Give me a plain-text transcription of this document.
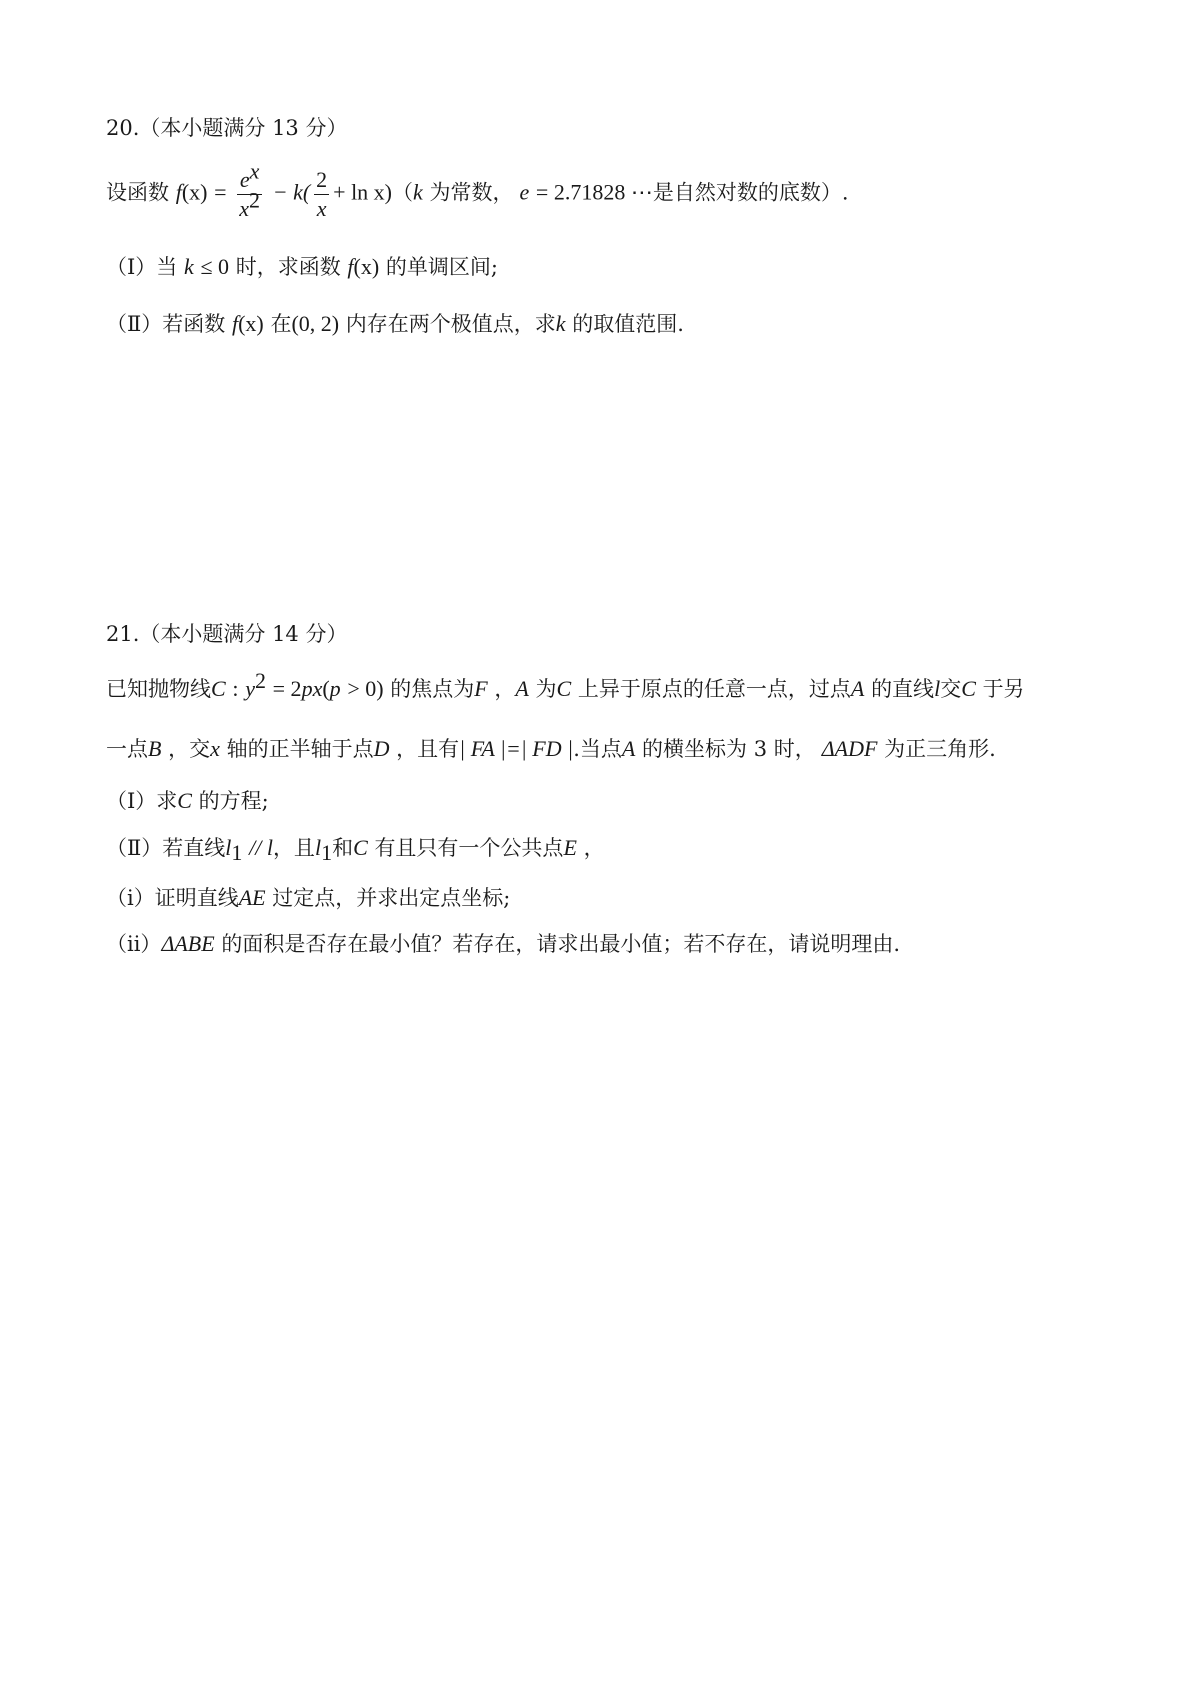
20.（本小题满分 13 分）
设函数 $f(x) = \frac{e^x}{x^2} - k( \frac{2}{x} + \ln x)(k$ 为常数， e = 2.71828 ⋯是自然对数的底数）.
（Ⅰ）当 k ≤ 0 时，求函数 f(x) 的单调区间;
（Ⅱ）若函数 f(x) 在(0, 2) 内存在两个极值点，求k 的取值范围.
21.（本小题满分 14 分）
已知抛物线C : $y^2 = 2px(p > 0)$ 的焦点为F ，A 为C 上异于原点的任意一点，过点A 的直线l交C 于另
一点B ，交x 轴的正半轴于点D ，且有| FA |=| FD |.当点A 的横坐标为 3 时， ΔADF 为正三角形.
（Ⅰ）求C 的方程;
（Ⅱ）若直线$l_1$ // l，且$l_1$和C 有且只有一个公共点E ，
（ⅰ）证明直线AE 过定点，并求出定点坐标;
（ⅱ）ΔABE 的面积是否存在最小值？若存在，请求出最小值；若不存在，请说明理由.
